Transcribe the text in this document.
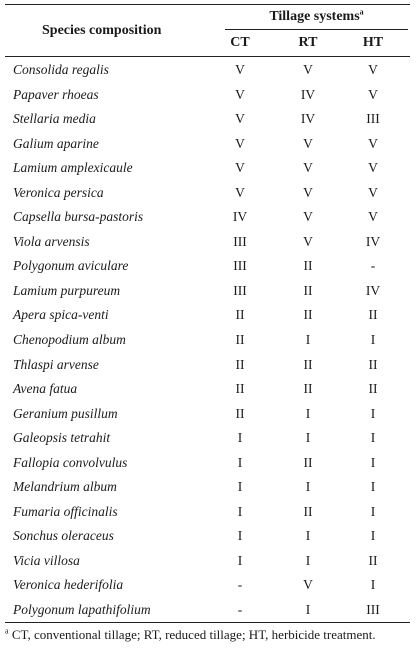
Species composition
Tillage systems$^a$
CT	RT	HT
Consolida regalis	V	V	V
Papaver rhoeas	V	IV	V
Stellaria media	V	IV	III
Galium aparine	V	V	V
Lamium amplexicaule	V	V	V
Veronica persica	V	V	V
Capsella bursa-pastoris	IV	V	V
Viola arvensis	III	V	IV
Polygonum aviculare	III	II	-
Lamium purpureum	III	II	IV
Apera spica-venti	II	II	II
Chenopodium album	II	I	I
Thlaspi arvense	II	II	II
Avena fatua	II	II	II
Geranium pusillum	II	I	I
Galeopsis tetrahit	I	I	I
Fallopia convolvulus	I	II	I
Melandrium album	I	I	I
Fumaria officinalis	I	II	I
Sonchus oleraceus	I	I	I
Vicia villosa	I	I	II
Veronica hederifolia	-	V	I
Polygonum lapathifolium	-	I	III
$^a$ CT, conventional tillage; RT, reduced tillage; HT, herbicide treatment.
